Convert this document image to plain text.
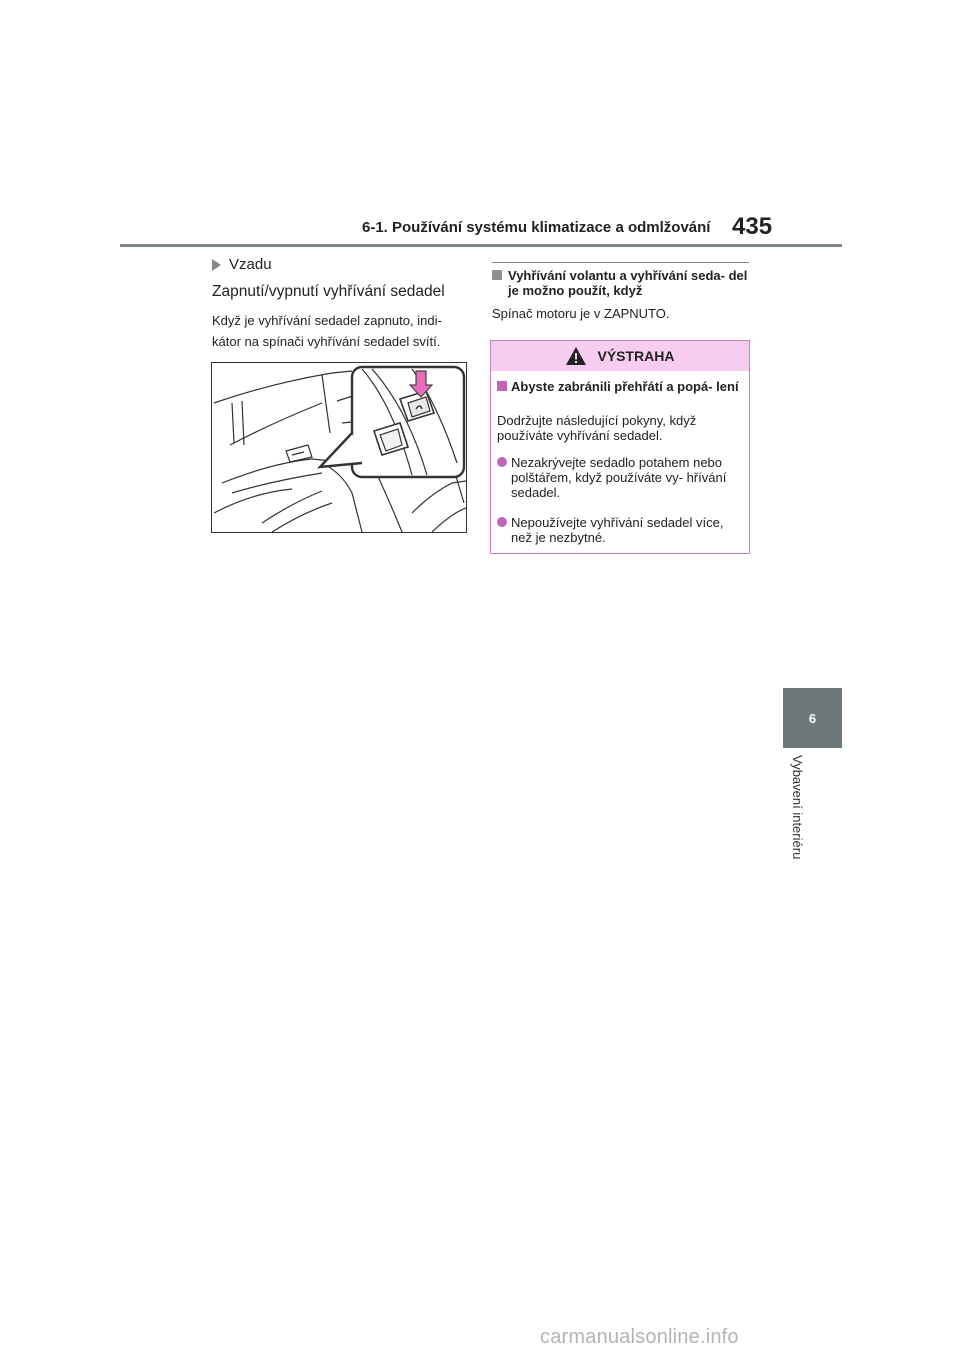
6-1. Používání systému klimatizace a odmlžování 435
6
Vybavení interiéru
Vzadu
Zapnutí/vypnutí vyhřívání sedadel
Když je vyhřívání sedadel zapnuto, indi- kátor na spínači vyhřívání sedadel svítí.
Vyhřívání volantu a vyhřívání seda- del je možno použít, když
Spínač motoru je v ZAPNUTO.
VÝSTRAHA
Abyste zabránili přehřátí a popá- lení
Dodržujte následující pokyny, když používáte vyhřívání sedadel.
Nezakrývejte sedadlo potahem nebo polštářem, když používáte vy- hřívání sedadel.
Nepoužívejte vyhřívání sedadel více, než je nezbytné.
carmanualsonline.info
